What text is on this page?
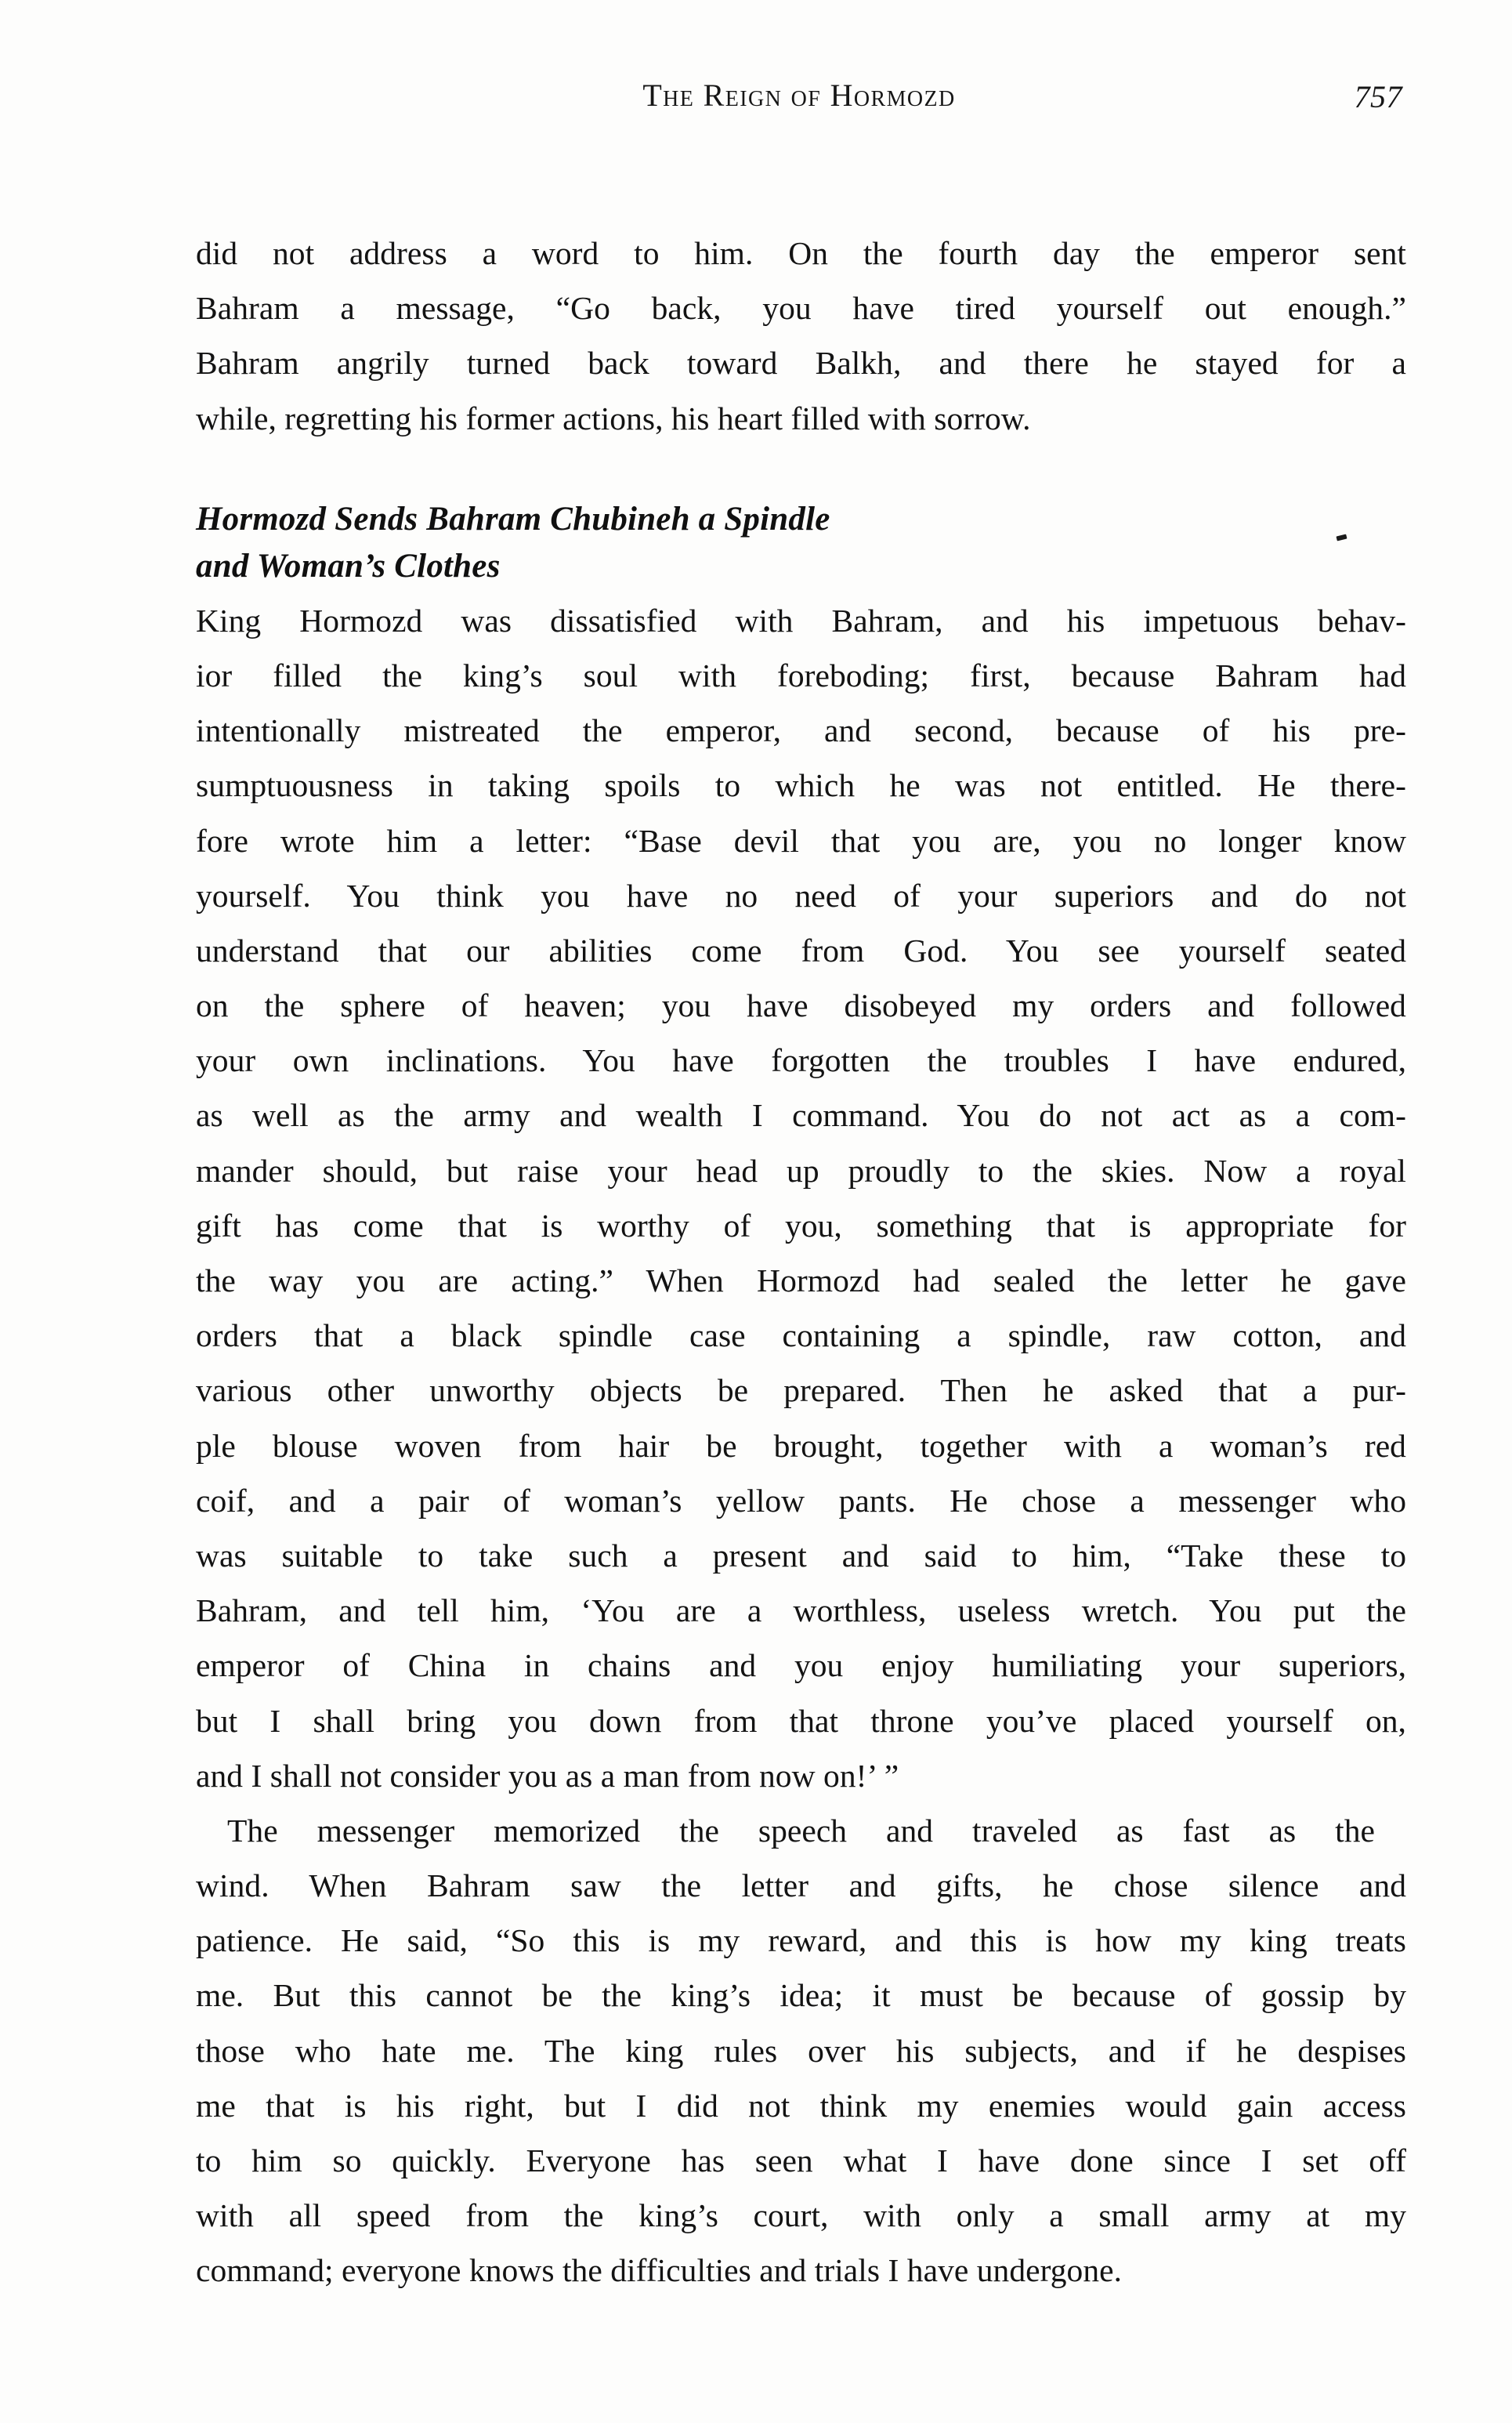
The Reign of Hormozd	757
did not address a word to him. On the fourth day the emperor sent
Bahram a message, “Go back, you have tired yourself out enough.”
Bahram angrily turned back toward Balkh, and there he stayed for a
while, regretting his former actions, his heart filled with sorrow.
Hormozd Sends Bahram Chubineh a Spindle
and Woman’s Clothes
King Hormozd was dissatisfied with Bahram, and his impetuous behav-
ior filled the king’s soul with foreboding; first, because Bahram had
intentionally mistreated the emperor, and second, because of his pre-
sumptuousness in taking spoils to which he was not entitled. He there-
fore wrote him a letter: “Base devil that you are, you no longer know
yourself. You think you have no need of your superiors and do not
understand that our abilities come from God. You see yourself seated
on the sphere of heaven; you have disobeyed my orders and followed
your own inclinations. You have forgotten the troubles I have endured,
as well as the army and wealth I command. You do not act as a com-
mander should, but raise your head up proudly to the skies. Now a royal
gift has come that is worthy of you, something that is appropriate for
the way you are acting.” When Hormozd had sealed the letter he gave
orders that a black spindle case containing a spindle, raw cotton, and
various other unworthy objects be prepared. Then he asked that a pur-
ple blouse woven from hair be brought, together with a woman’s red
coif, and a pair of woman’s yellow pants. He chose a messenger who
was suitable to take such a present and said to him, “Take these to
Bahram, and tell him, ‘You are a worthless, useless wretch. You put the
emperor of China in chains and you enjoy humiliating your superiors,
but I shall bring you down from that throne you’ve placed yourself on,
and I shall not consider you as a man from now on!’ ”
The messenger memorized the speech and traveled as fast as the
wind. When Bahram saw the letter and gifts, he chose silence and
patience. He said, “So this is my reward, and this is how my king treats
me. But this cannot be the king’s idea; it must be because of gossip by
those who hate me. The king rules over his subjects, and if he despises
me that is his right, but I did not think my enemies would gain access
to him so quickly. Everyone has seen what I have done since I set off
with all speed from the king’s court, with only a small army at my
command; everyone knows the difficulties and trials I have undergone.
